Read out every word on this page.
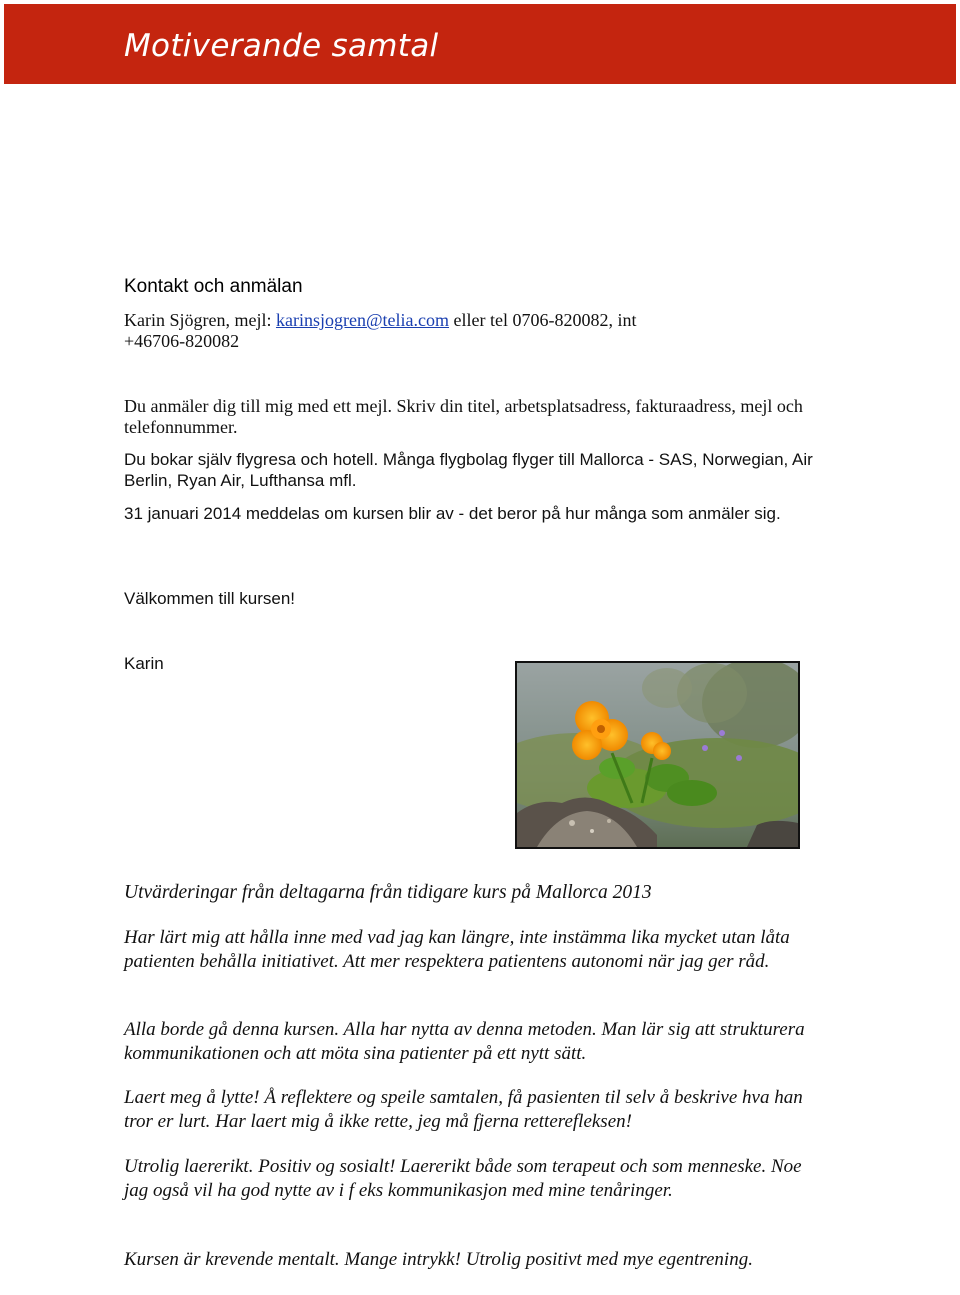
Motiverande samtal
Kontakt och anmälan
Karin Sjögren, mejl: karinsjogren@telia.com eller tel 0706-820082, int
+46706-820082
Du anmäler dig till mig med ett mejl. Skriv din titel, arbetsplatsadress, fakturaadress, mejl och telefonnummer.
Du bokar själv flygresa och hotell. Många flygbolag flyger till Mallorca - SAS, Norwegian, Air Berlin, Ryan Air, Lufthansa mfl.
31 januari 2014 meddelas om kursen blir av - det beror på hur många som anmäler sig.
Välkommen till kursen!
Karin
Utvärderingar från deltagarna från tidigare kurs på Mallorca 2013
Har lärt mig att hålla inne med vad jag kan längre, inte instämma lika mycket utan låta patienten behålla initiativet. Att mer respektera patientens autonomi när jag ger råd.
Alla borde gå denna kursen. Alla har nytta av denna metoden. Man lär sig att strukturera kommunikationen och att möta sina patienter på ett nytt sätt.
Laert meg å lytte! Å reflektere og speile samtalen, få pasienten til selv å beskrive hva han tror er lurt. Har laert mig å ikke rette, jeg må fjerna retterefleksen!
Utrolig laererikt. Positiv og sosialt! Laererikt både som terapeut och som menneske. Noe jag også vil ha god nytte av i f eks kommunikasjon med mine tenåringer.
Kursen är krevende mentalt. Mange intrykk! Utrolig positivt med mye egentrening.
